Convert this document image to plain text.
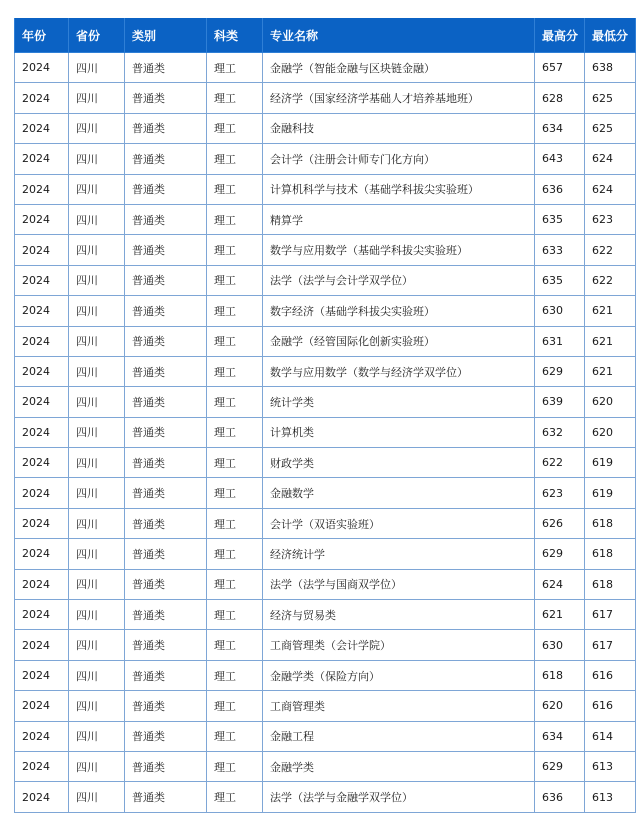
年份	省份	类别	科类	专业名称	最高分	最低分
2024	四川	普通类	理工	金融学（智能金融与区块链金融）	657	638
2024	四川	普通类	理工	经济学（国家经济学基础人才培养基地班）	628	625
2024	四川	普通类	理工	金融科技	634	625
2024	四川	普通类	理工	会计学（注册会计师专门化方向）	643	624
2024	四川	普通类	理工	计算机科学与技术（基础学科拔尖实验班）	636	624
2024	四川	普通类	理工	精算学	635	623
2024	四川	普通类	理工	数学与应用数学（基础学科拔尖实验班）	633	622
2024	四川	普通类	理工	法学（法学与会计学双学位）	635	622
2024	四川	普通类	理工	数字经济（基础学科拔尖实验班）	630	621
2024	四川	普通类	理工	金融学（经管国际化创新实验班）	631	621
2024	四川	普通类	理工	数学与应用数学（数学与经济学双学位）	629	621
2024	四川	普通类	理工	统计学类	639	620
2024	四川	普通类	理工	计算机类	632	620
2024	四川	普通类	理工	财政学类	622	619
2024	四川	普通类	理工	金融数学	623	619
2024	四川	普通类	理工	会计学（双语实验班）	626	618
2024	四川	普通类	理工	经济统计学	629	618
2024	四川	普通类	理工	法学（法学与国商双学位）	624	618
2024	四川	普通类	理工	经济与贸易类	621	617
2024	四川	普通类	理工	工商管理类（会计学院）	630	617
2024	四川	普通类	理工	金融学类（保险方向）	618	616
2024	四川	普通类	理工	工商管理类	620	616
2024	四川	普通类	理工	金融工程	634	614
2024	四川	普通类	理工	金融学类	629	613
2024	四川	普通类	理工	法学（法学与金融学双学位）	636	613
